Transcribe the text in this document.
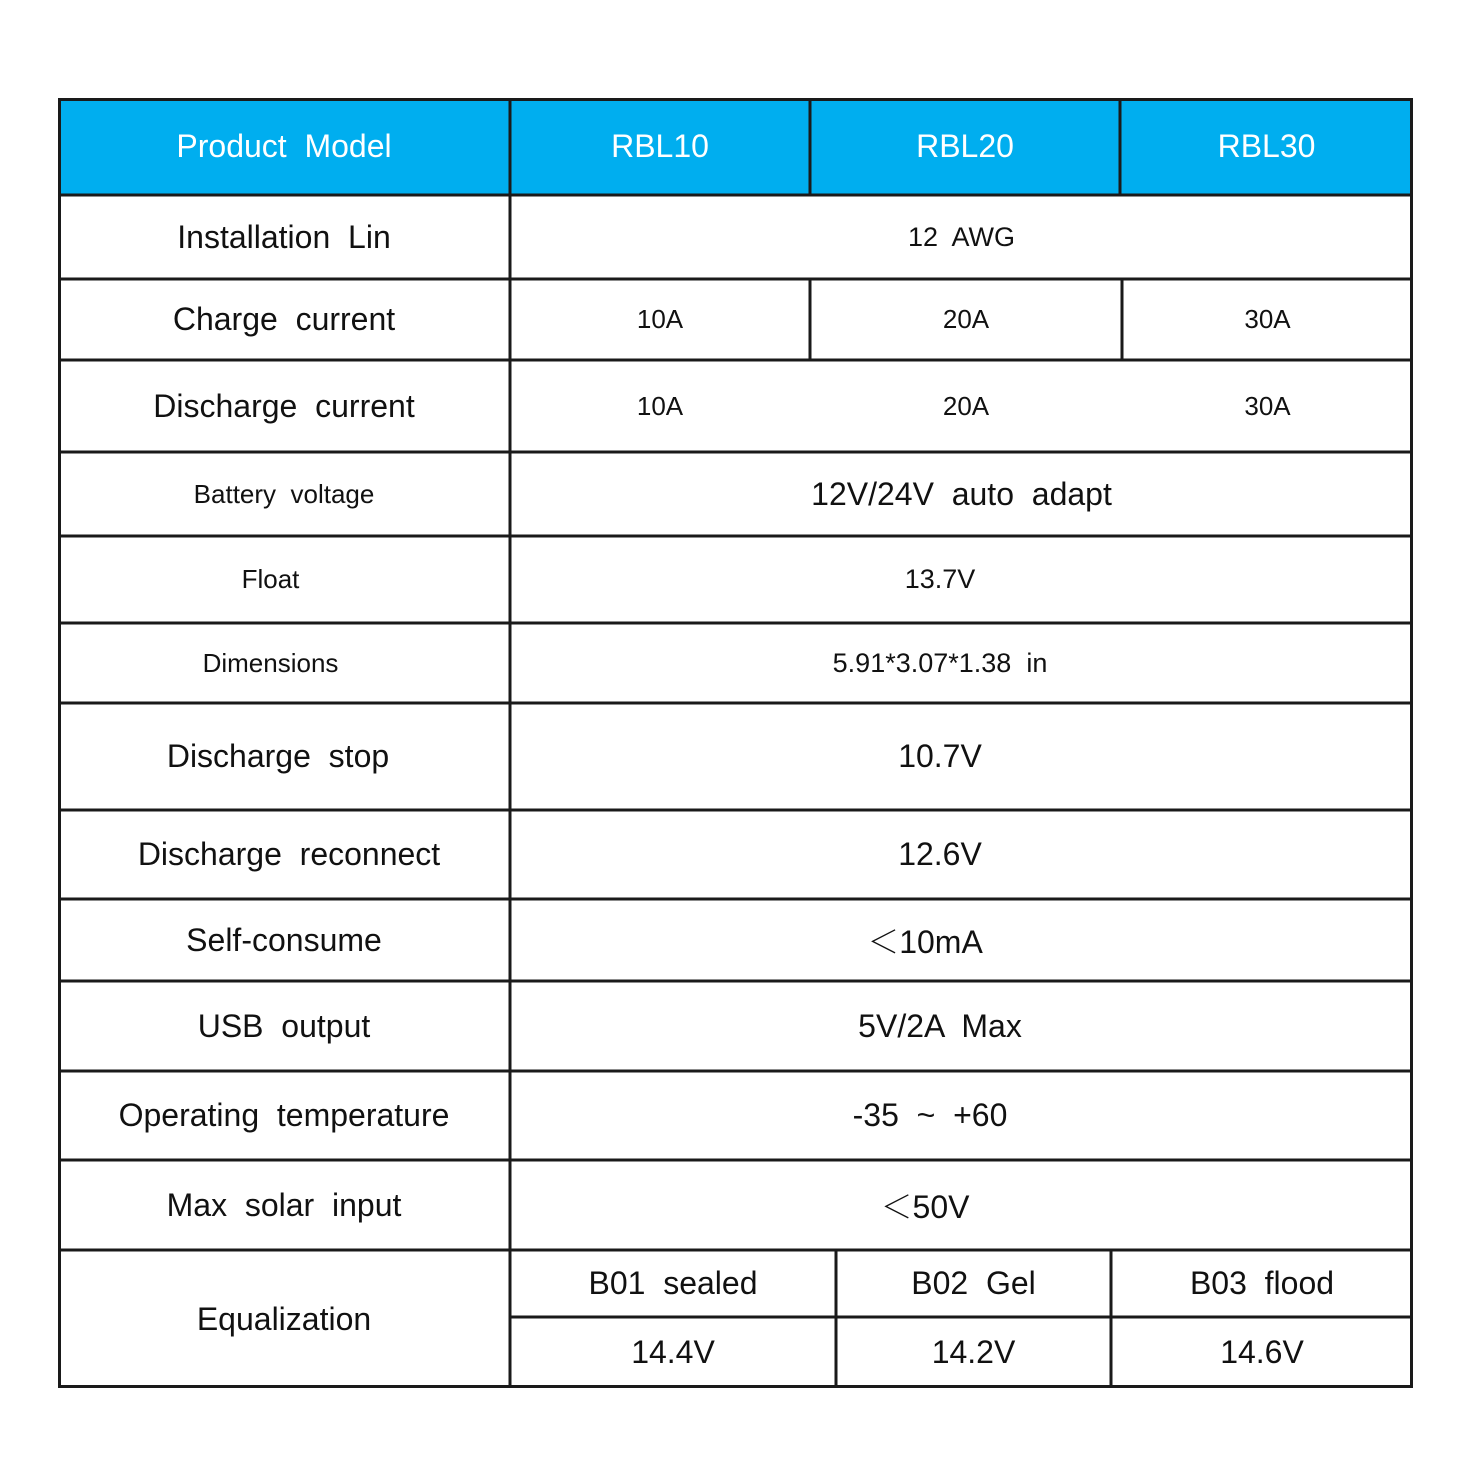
Product  Model	RBL10	RBL20	RBL30
Installation  Lin	12  AWG
Charge  current	10A	20A	30A
Discharge  current	10A	20A	30A
Battery  voltage	12V/24V  auto  adapt
Float	13.7V
Dimensions	5.91*3.07*1.38  in
Discharge  stop	10.7V
Discharge  reconnect	12.6V
Self-consume	＜10mA
USB  output	5V/2A  Max
Operating  temperature	-35  ~  +60
Max  solar  input	＜50V
Equalization
B01  sealed	B02  Gel	B03  flood
14.4V	14.2V	14.6V
